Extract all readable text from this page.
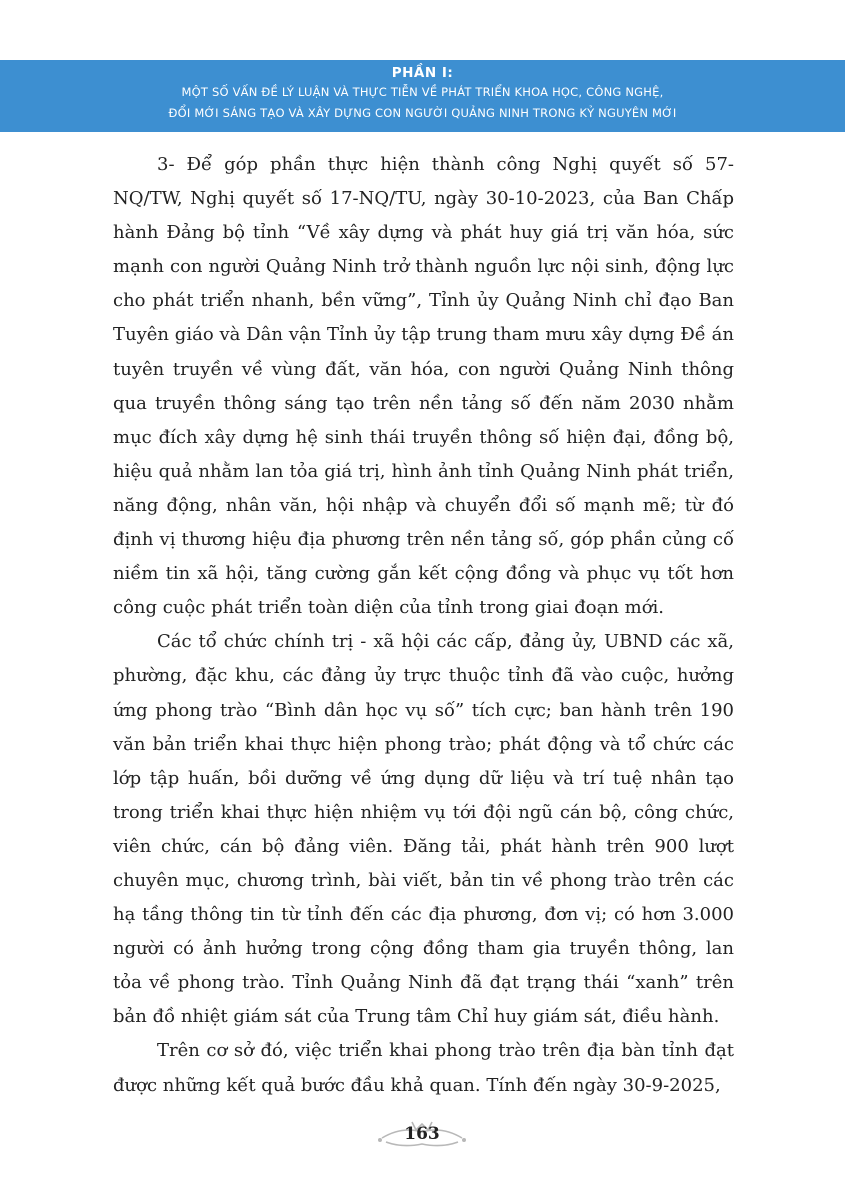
PHẦN I:
MỘT SỐ VẤN ĐỀ LÝ LUẬN VÀ THỰC TIỄN VỀ PHÁT TRIỂN KHOA HỌC, CÔNG NGHỆ,
ĐỔI MỚI SÁNG TẠO VÀ XÂY DỰNG CON NGƯỜI QUẢNG NINH TRONG KỶ NGUYÊN MỚI

3- Để góp phần thực hiện thành công Nghị quyết số 57-NQ/TW, Nghị quyết số 17-NQ/TU, ngày 30-10-2023, của Ban Chấp hành Đảng bộ tỉnh “Về xây dựng và phát huy giá trị văn hóa, sức mạnh con người Quảng Ninh trở thành nguồn lực nội sinh, động lực cho phát triển nhanh, bền vững”, Tỉnh ủy Quảng Ninh chỉ đạo Ban Tuyên giáo và Dân vận Tỉnh ủy tập trung tham mưu xây dựng Đề án tuyên truyền về vùng đất, văn hóa, con người Quảng Ninh thông qua truyền thông sáng tạo trên nền tảng số đến năm 2030 nhằm mục đích xây dựng hệ sinh thái truyền thông số hiện đại, đồng bộ, hiệu quả nhằm lan tỏa giá trị, hình ảnh tỉnh Quảng Ninh phát triển, năng động, nhân văn, hội nhập và chuyển đổi số mạnh mẽ; từ đó định vị thương hiệu địa phương trên nền tảng số, góp phần củng cố niềm tin xã hội, tăng cường gắn kết cộng đồng và phục vụ tốt hơn công cuộc phát triển toàn diện của tỉnh trong giai đoạn mới.

Các tổ chức chính trị - xã hội các cấp, đảng ủy, UBND các xã, phường, đặc khu, các đảng ủy trực thuộc tỉnh đã vào cuộc, hưởng ứng phong trào “Bình dân học vụ số” tích cực; ban hành trên 190 văn bản triển khai thực hiện phong trào; phát động và tổ chức các lớp tập huấn, bồi dưỡng về ứng dụng dữ liệu và trí tuệ nhân tạo trong triển khai thực hiện nhiệm vụ tới đội ngũ cán bộ, công chức, viên chức, cán bộ đảng viên. Đăng tải, phát hành trên 900 lượt chuyên mục, chương trình, bài viết, bản tin về phong trào trên các hạ tầng thông tin từ tỉnh đến các địa phương, đơn vị; có hơn 3.000 người có ảnh hưởng trong cộng đồng tham gia truyền thông, lan tỏa về phong trào. Tỉnh Quảng Ninh đã đạt trạng thái “xanh” trên bản đồ nhiệt giám sát của Trung tâm Chỉ huy giám sát, điều hành.

Trên cơ sở đó, việc triển khai phong trào trên địa bàn tỉnh đạt được những kết quả bước đầu khả quan. Tính đến ngày 30-9-2025,

163
